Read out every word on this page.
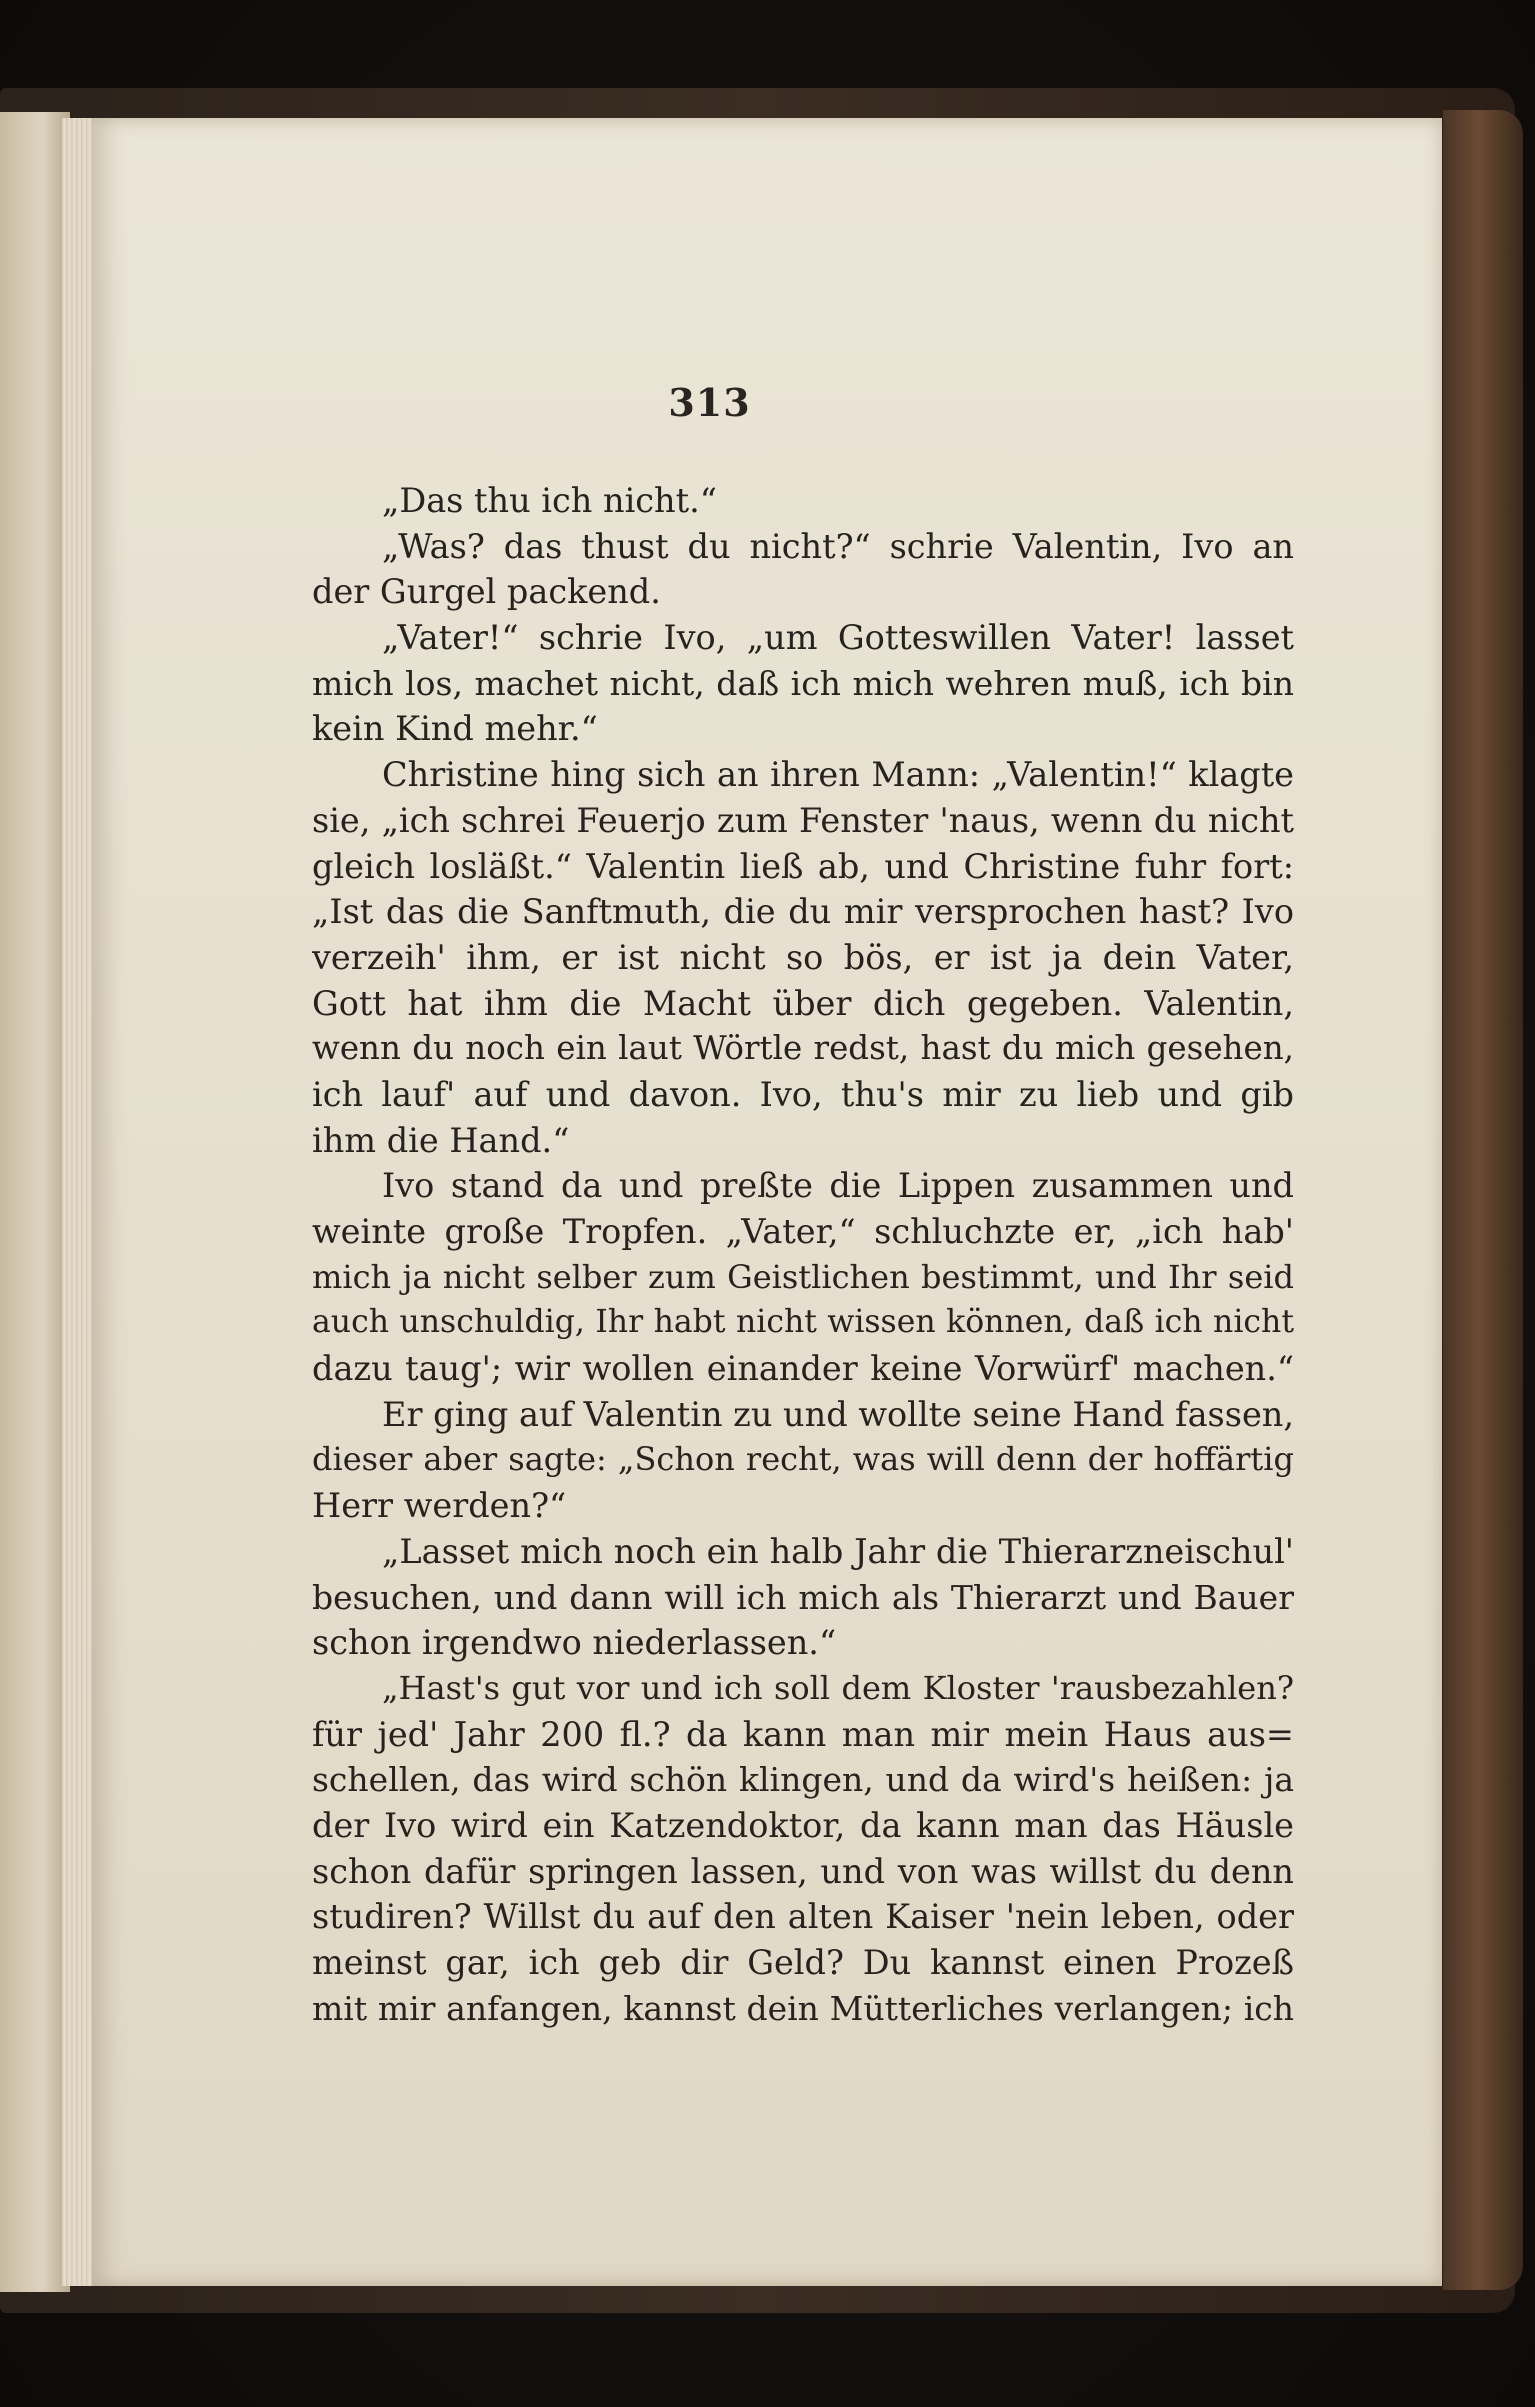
313
„Das thu ich nicht.“
„Was? das thust du nicht?“ schrie Valentin, Ivo an
der Gurgel packend.
„Vater!“ schrie Ivo, „um Gotteswillen Vater! lasset
mich los, machet nicht, daß ich mich wehren muß, ich bin
kein Kind mehr.“
Christine hing sich an ihren Mann: „Valentin!“ klagte
sie, „ich schrei Feuerjo zum Fenster 'naus, wenn du nicht
gleich losläßt.“ Valentin ließ ab, und Christine fuhr fort:
„Ist das die Sanftmuth, die du mir versprochen hast? Ivo
verzeih' ihm, er ist nicht so bös, er ist ja dein Vater,
Gott hat ihm die Macht über dich gegeben. Valentin,
wenn du noch ein laut Wörtle redst, hast du mich gesehen,
ich lauf' auf und davon. Ivo, thu's mir zu lieb und gib
ihm die Hand.“
Ivo stand da und preßte die Lippen zusammen und
weinte große Tropfen. „Vater,“ schluchzte er, „ich hab'
mich ja nicht selber zum Geistlichen bestimmt, und Ihr seid
auch unschuldig, Ihr habt nicht wissen können, daß ich nicht
dazu taug'; wir wollen einander keine Vorwürf' machen.“
Er ging auf Valentin zu und wollte seine Hand fassen,
dieser aber sagte: „Schon recht, was will denn der hoffärtig
Herr werden?“
„Lasset mich noch ein halb Jahr die Thierarzneischul'
besuchen, und dann will ich mich als Thierarzt und Bauer
schon irgendwo niederlassen.“
„Hast's gut vor und ich soll dem Kloster 'rausbezahlen?
für jed' Jahr 200 fl.? da kann man mir mein Haus aus=
schellen, das wird schön klingen, und da wird's heißen: ja
der Ivo wird ein Katzendoktor, da kann man das Häusle
schon dafür springen lassen, und von was willst du denn
studiren? Willst du auf den alten Kaiser 'nein leben, oder
meinst gar, ich geb dir Geld? Du kannst einen Prozeß
mit mir anfangen, kannst dein Mütterliches verlangen; ich
